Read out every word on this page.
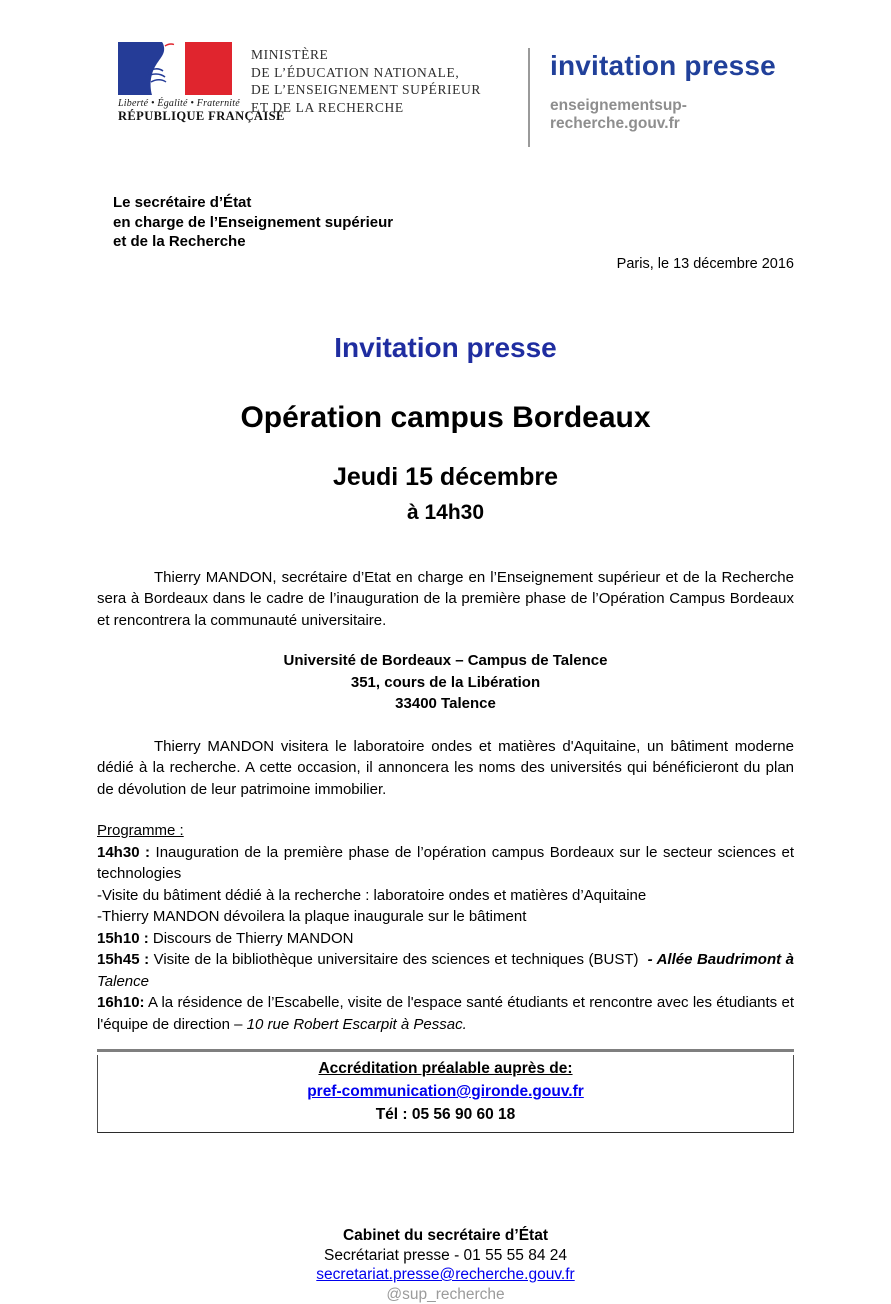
Liberté • Égalité • Fraternité
RÉPUBLIQUE FRANÇAISE
MINISTÈRE
DE L’ÉDUCATION NATIONALE,
DE L’ENSEIGNEMENT SUPÉRIEUR
ET DE LA RECHERCHE
invitation presse
enseignementsup-recherche.gouv.fr
Le secrétaire d’État
en charge de l’Enseignement supérieur
et de la Recherche
Paris, le 13 décembre 2016
Invitation presse
Opération campus Bordeaux
Jeudi 15 décembre
à 14h30
Thierry MANDON, secrétaire d’Etat en charge en l’Enseignement supérieur et de la Recherche sera à Bordeaux dans le cadre de l’inauguration de la première phase de l’Opération Campus Bordeaux et rencontrera la communauté universitaire.
Université de Bordeaux – Campus de Talence
351, cours de la Libération
33400 Talence
Thierry MANDON visitera le laboratoire ondes et matières d'Aquitaine, un bâtiment moderne dédié à la recherche. A cette occasion, il annoncera les noms des universités qui bénéficieront du plan de dévolution de leur patrimoine immobilier.
Programme :
14h30 : Inauguration de la première phase de l’opération campus Bordeaux sur le secteur sciences et technologies
-Visite du bâtiment dédié à la recherche : laboratoire ondes et matières d’Aquitaine
-Thierry MANDON dévoilera la plaque inaugurale sur le bâtiment
15h10 : Discours de Thierry MANDON
15h45 : Visite de la bibliothèque universitaire des sciences et techniques (BUST)  - Allée Baudrimont à Talence
16h10: A la résidence de l’Escabelle, visite de l'espace santé étudiants et rencontre avec les étudiants et l'équipe de direction – 10 rue Robert Escarpit à Pessac.
Accréditation préalable auprès de:
pref-communication@gironde.gouv.fr
Tél : 05 56 90 60 18
Cabinet du secrétaire d’État
Secrétariat presse - 01 55 55 84 24
secretariat.presse@recherche.gouv.fr
@sup_recherche
